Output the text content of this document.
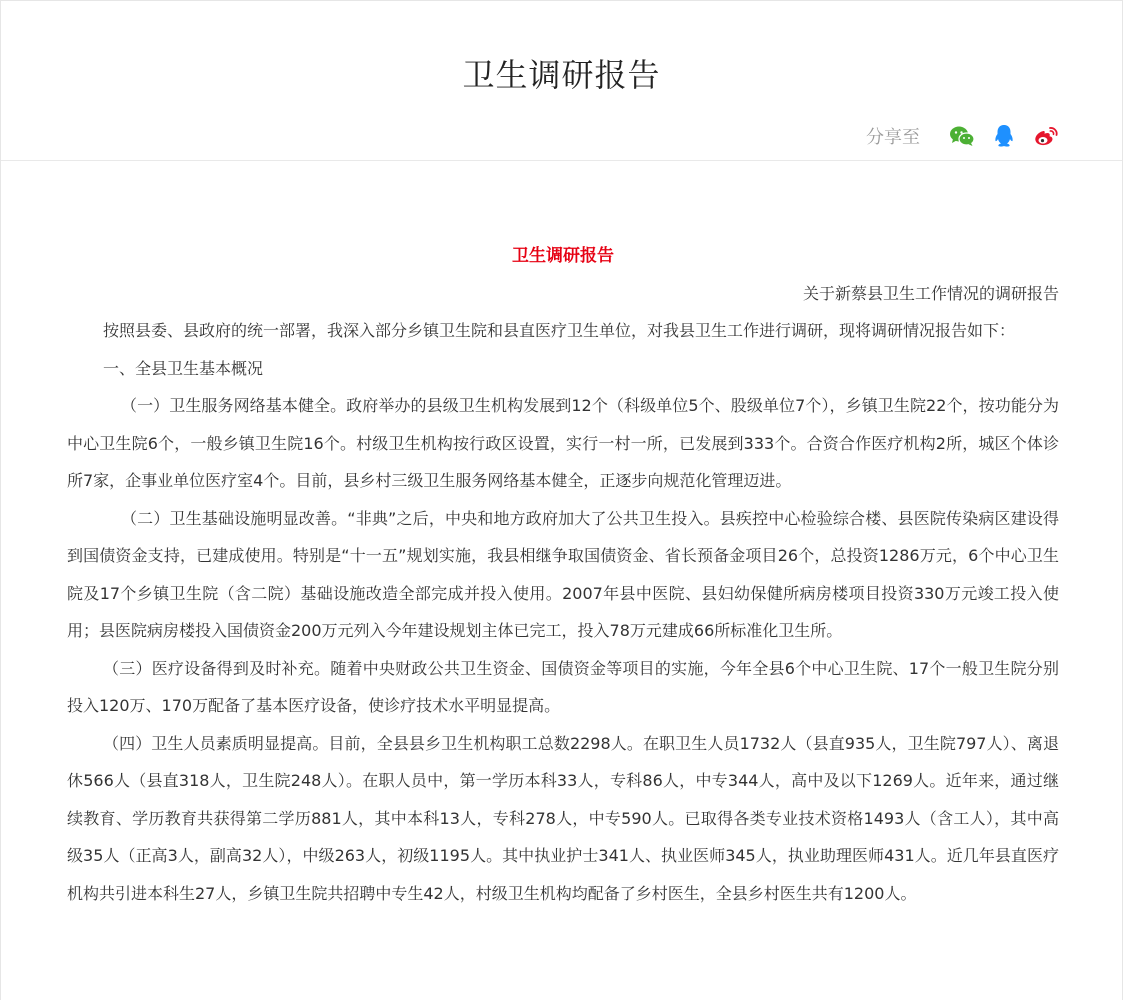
卫生调研报告
分享至
卫生调研报告

关于新蔡县卫生工作情况的调研报告

按照县委、县政府的统一部署，我深入部分乡镇卫生院和县直医疗卫生单位，对我县卫生工作进行调研，现将调研情况报告如下：

一、全县卫生基本概况

（一）卫生服务网络基本健全。政府举办的县级卫生机构发展到12个（科级单位5个、股级单位7个），乡镇卫生院22个，按功能分为中心卫生院6个，一般乡镇卫生院16个。村级卫生机构按行政区设置，实行一村一所，已发展到333个。合资合作医疗机构2所，城区个体诊所7家，企事业单位医疗室4个。目前，县乡村三级卫生服务网络基本健全，正逐步向规范化管理迈进。

（二）卫生基础设施明显改善。“非典”之后，中央和地方政府加大了公共卫生投入。县疾控中心检验综合楼、县医院传染病区建设得到国债资金支持，已建成使用。特别是“十一五”规划实施，我县相继争取国债资金、省长预备金项目26个，总投资1286万元，6个中心卫生院及17个乡镇卫生院（含二院）基础设施改造全部完成并投入使用。2007年县中医院、县妇幼保健所病房楼项目投资330万元竣工投入使用；县医院病房楼投入国债资金200万元列入今年建设规划主体已完工，投入78万元建成66所标准化卫生所。

（三）医疗设备得到及时补充。随着中央财政公共卫生资金、国债资金等项目的实施，今年全县6个中心卫生院、17个一般卫生院分别投入120万、170万配备了基本医疗设备，使诊疗技术水平明显提高。

（四）卫生人员素质明显提高。目前，全县县乡卫生机构职工总数2298人。在职卫生人员1732人（县直935人，卫生院797人）、离退休566人（县直318人，卫生院248人）。在职人员中，第一学历本科33人，专科86人，中专344人，高中及以下1269人。近年来，通过继续教育、学历教育共获得第二学历881人，其中本科13人，专科278人，中专590人。已取得各类专业技术资格1493人（含工人），其中高级35人（正高3人，副高32人），中级263人，初级1195人。其中执业护士341人、执业医师345人，执业助理医师431人。近几年县直医疗机构共引进本科生27人，乡镇卫生院共招聘中专生42人，村级卫生机构均配备了乡村医生，全县乡村医生共有1200人。
